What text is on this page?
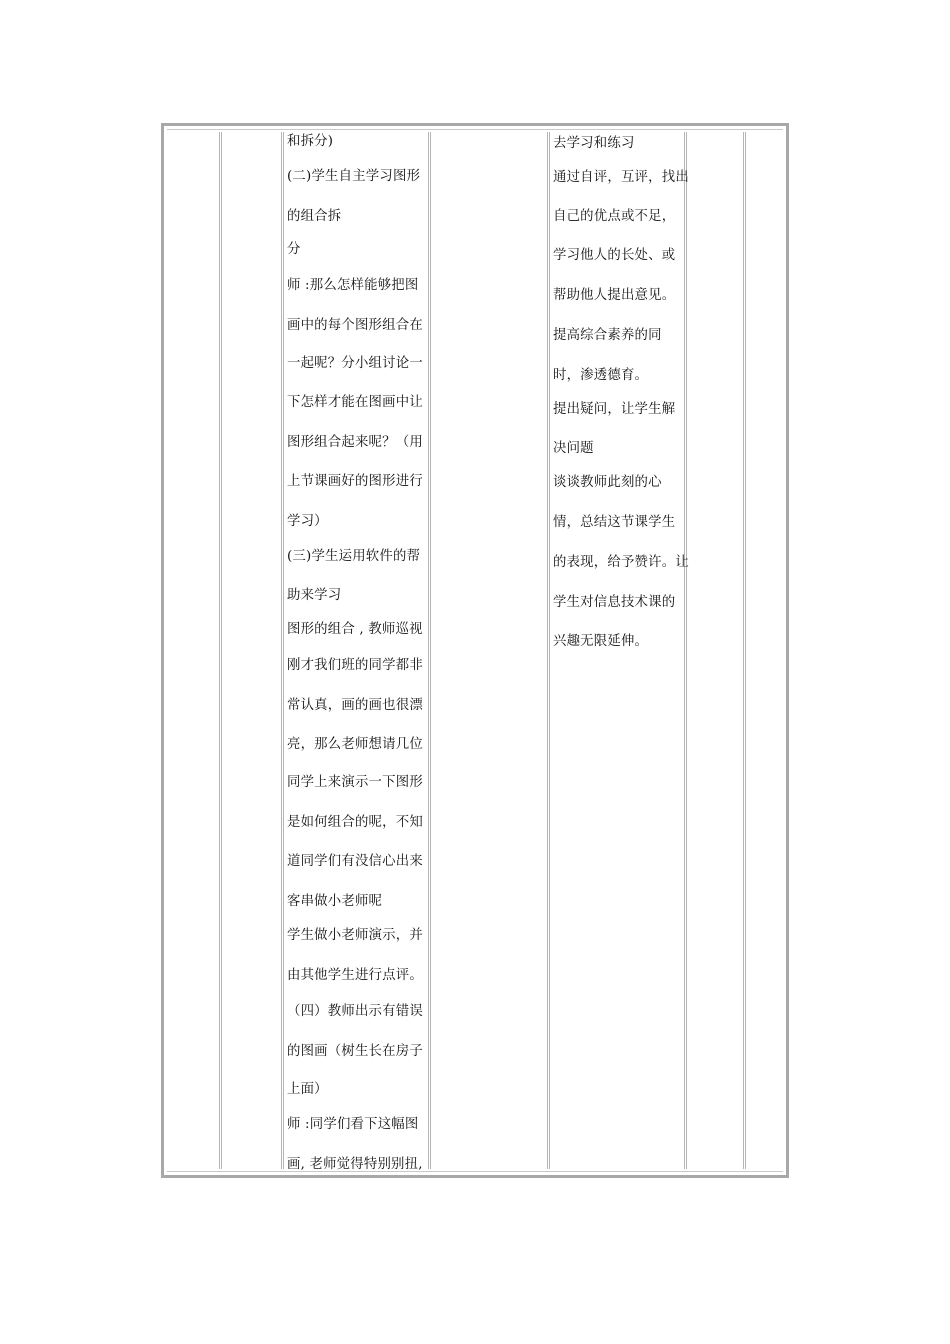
和拆分)
(二)学生自主学习图形
的组合拆
分
师 :那么怎样能够把图
画中的每个图形组合在
一起呢？分小组讨论一
下怎样才能在图画中让
图形组合起来呢？（用
上节课画好的图形进行
学习）
(三)学生运用软件的帮
助来学习
图形的组合 , 教师巡视
刚才我们班的同学都非
常认真，画的画也很漂
亮，那么老师想请几位
同学上来演示一下图形
是如何组合的呢，不知
道同学们有没信心出来
客串做小老师呢
学生做小老师演示，并
由其他学生进行点评。
（四）教师出示有错误
的图画（树生长在房子
上面）
师 :同学们看下这幅图
画, 老师觉得特别别扭,
去学习和练习
通过自评，互评，找出
自己的优点或不足，
学习他人的长处、或
帮助他人提出意见。
提高综合素养的同
时，渗透德育。
提出疑问，让学生解
决问题
谈谈教师此刻的心
情，总结这节课学生
的表现，给予赞许。让
学生对信息技术课的
兴趣无限延伸。
